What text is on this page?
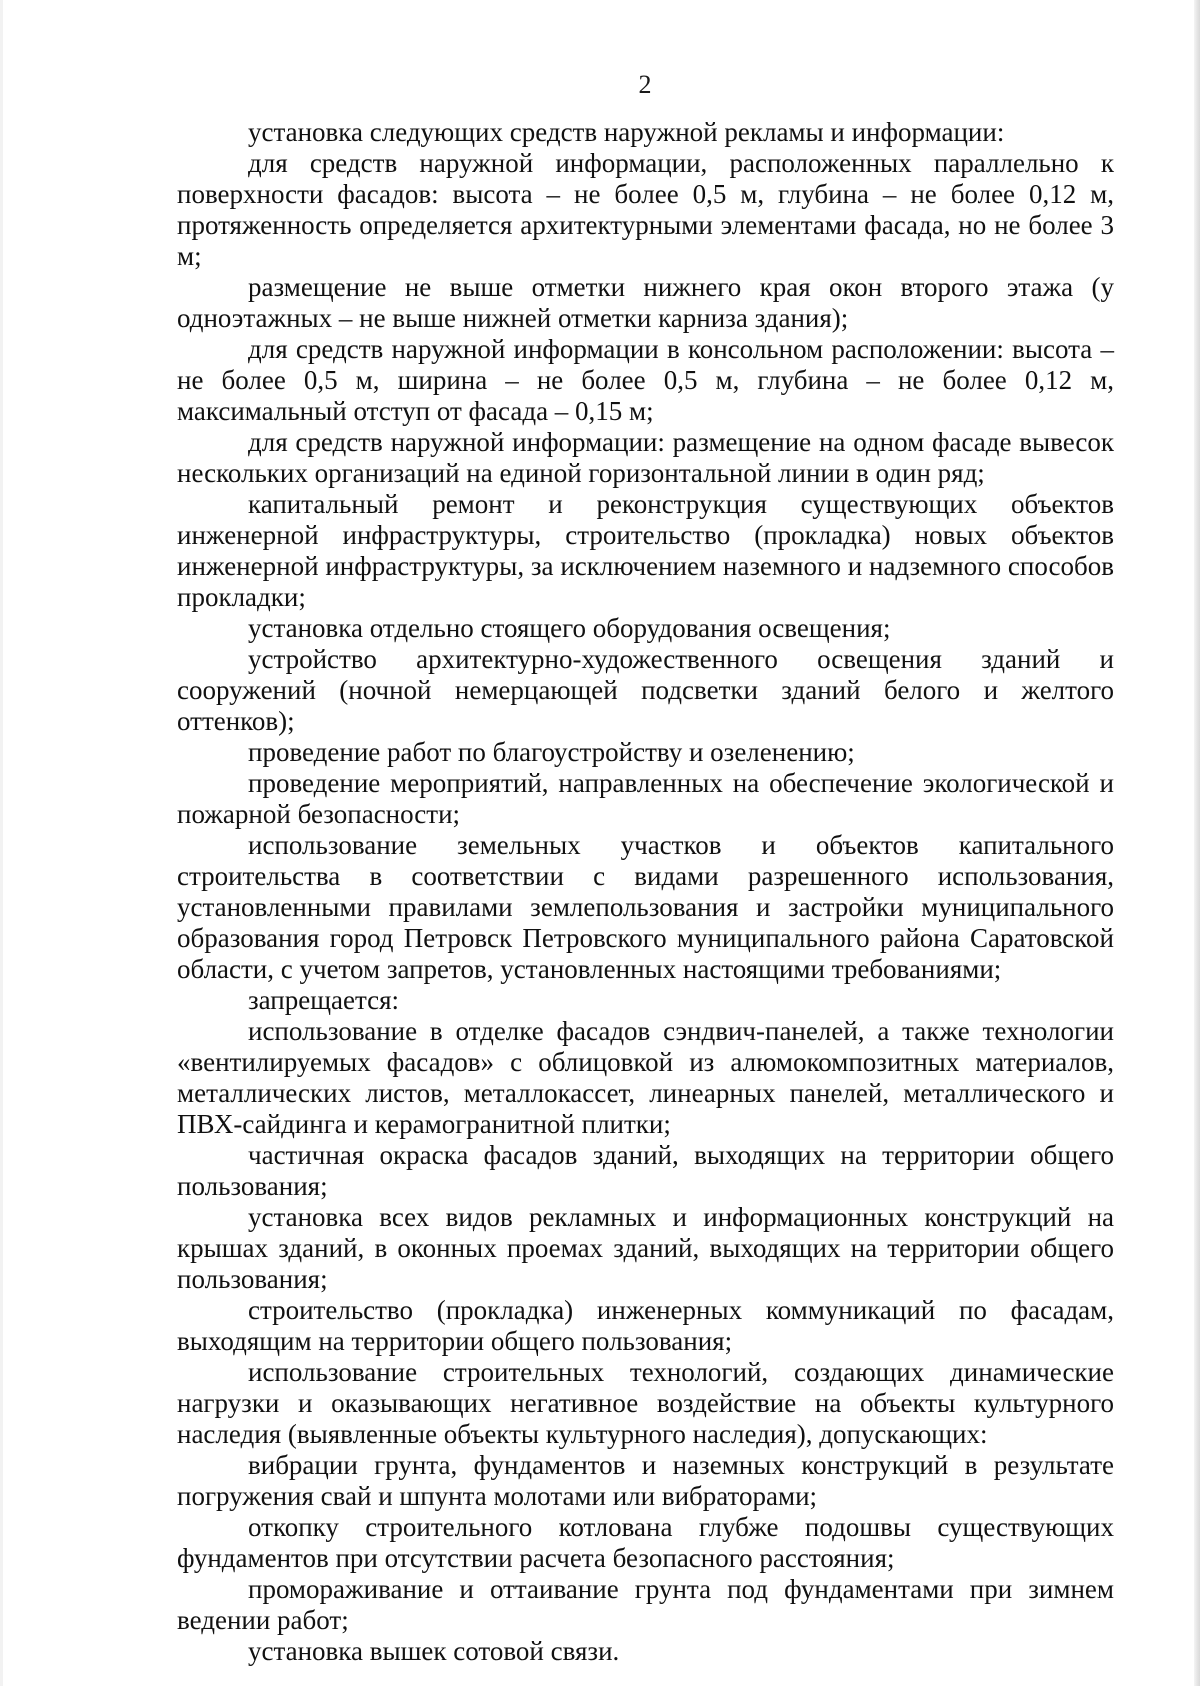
2

установка следующих средств наружной рекламы и информации:

для средств наружной информации, расположенных параллельно к поверхности фасадов: высота – не более 0,5 м, глубина – не более 0,12 м, протяженность определяется архитектурными элементами фасада, но не более 3 м;

размещение не выше отметки нижнего края окон второго этажа (у одноэтажных – не выше нижней отметки карниза здания);

для средств наружной информации в консольном расположении: высота – не более 0,5 м, ширина – не более 0,5 м, глубина – не более 0,12 м, максимальный отступ от фасада – 0,15 м;

для средств наружной информации: размещение на одном фасаде вывесок нескольких организаций на единой горизонтальной линии в один ряд;

капитальный ремонт и реконструкция существующих объектов инженерной инфраструктуры, строительство (прокладка) новых объектов инженерной инфраструктуры, за исключением наземного и надземного способов прокладки;

установка отдельно стоящего оборудования освещения;

устройство архитектурно-художественного освещения зданий и сооружений (ночной немерцающей подсветки зданий белого и желтого оттенков);

проведение работ по благоустройству и озеленению;

проведение мероприятий, направленных на обеспечение экологической и пожарной безопасности;

использование земельных участков и объектов капитального строительства в соответствии с видами разрешенного использования, установленными правилами землепользования и застройки муниципального образования город Петровск Петровского муниципального района Саратовской области, с учетом запретов, установленных настоящими требованиями;

запрещается:

использование в отделке фасадов сэндвич-панелей, а также технологии «вентилируемых фасадов» с облицовкой из алюмокомпозитных материалов, металлических листов, металлокассет, линеарных панелей, металлического и ПВХ-сайдинга и керамогранитной плитки;

частичная окраска фасадов зданий, выходящих на территории общего пользования;

установка всех видов рекламных и информационных конструкций на крышах зданий, в оконных проемах зданий, выходящих на территории общего пользования;

строительство (прокладка) инженерных коммуникаций по фасадам, выходящим на территории общего пользования;

использование строительных технологий, создающих динамические нагрузки и оказывающих негативное воздействие на объекты культурного наследия (выявленные объекты культурного наследия), допускающих:

вибрации грунта, фундаментов и наземных конструкций в результате погружения свай и шпунта молотами или вибраторами;

откопку строительного котлована глубже подошвы существующих фундаментов при отсутствии расчета безопасного расстояния;

промораживание и оттаивание грунта под фундаментами при зимнем ведении работ;

установка вышек сотовой связи.
